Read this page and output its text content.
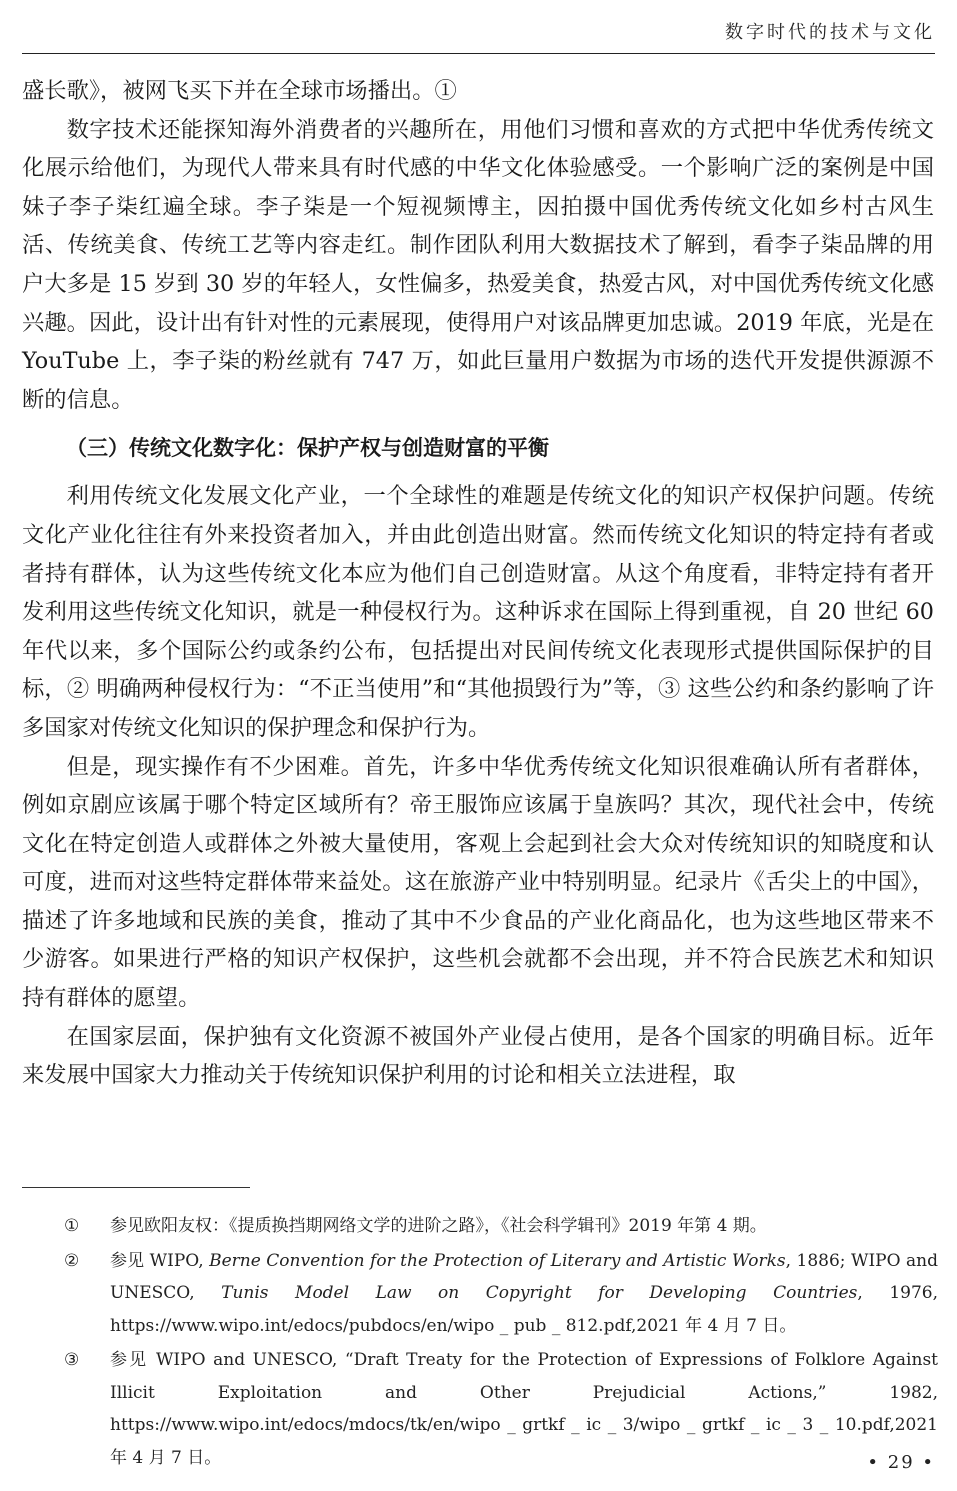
数字时代的技术与文化

盛长歌》，被网飞买下并在全球市场播出。①

数字技术还能探知海外消费者的兴趣所在，用他们习惯和喜欢的方式把中华优秀传统文化展示给他们，为现代人带来具有时代感的中华文化体验感受。一个影响广泛的案例是中国妹子李子柒红遍全球。李子柒是一个短视频博主，因拍摄中国优秀传统文化如乡村古风生活、传统美食、传统工艺等内容走红。制作团队利用大数据技术了解到，看李子柒品牌的用户大多是 15 岁到 30 岁的年轻人，女性偏多，热爱美食，热爱古风，对中国优秀传统文化感兴趣。因此，设计出有针对性的元素展现，使得用户对该品牌更加忠诚。2019 年底，光是在 YouTube 上，李子柒的粉丝就有 747 万，如此巨量用户数据为市场的迭代开发提供源源不断的信息。

（三）传统文化数字化：保护产权与创造财富的平衡

利用传统文化发展文化产业，一个全球性的难题是传统文化的知识产权保护问题。传统文化产业化往往有外来投资者加入，并由此创造出财富。然而传统文化知识的特定持有者或者持有群体，认为这些传统文化本应为他们自己创造财富。从这个角度看，非特定持有者开发利用这些传统文化知识，就是一种侵权行为。这种诉求在国际上得到重视，自 20 世纪 60 年代以来，多个国际公约或条约公布，包括提出对民间传统文化表现形式提供国际保护的目标，② 明确两种侵权行为：“不正当使用”和“其他损毁行为”等，③ 这些公约和条约影响了许多国家对传统文化知识的保护理念和保护行为。

但是，现实操作有不少困难。首先，许多中华优秀传统文化知识很难确认所有者群体，例如京剧应该属于哪个特定区域所有？帝王服饰应该属于皇族吗？其次，现代社会中，传统文化在特定创造人或群体之外被大量使用，客观上会起到社会大众对传统知识的知晓度和认可度，进而对这些特定群体带来益处。这在旅游产业中特别明显。纪录片《舌尖上的中国》，描述了许多地域和民族的美食，推动了其中不少食品的产业化商品化，也为这些地区带来不少游客。如果进行严格的知识产权保护，这些机会就都不会出现，并不符合民族艺术和知识持有群体的愿望。

在国家层面，保护独有文化资源不被国外产业侵占使用，是各个国家的明确目标。近年来发展中国家大力推动关于传统知识保护利用的讨论和相关立法进程，取

① 参见欧阳友权：《提质换挡期网络文学的进阶之路》，《社会科学辑刊》2019 年第 4 期。
② 参见 WIPO, Berne Convention for the Protection of Literary and Artistic Works, 1886; WIPO and UNESCO, Tunis Model Law on Copyright for Developing Countries, 1976, https://www.wipo.int/edocs/pubdocs/en/wipo _ pub _ 812.pdf,2021 年 4 月 7 日。
③ 参见 WIPO and UNESCO, “Draft Treaty for the Protection of Expressions of Folklore Against Illicit Exploitation and Other Prejudicial Actions,” 1982, https://www.wipo.int/edocs/mdocs/tk/en/wipo _ grtkf _ ic _ 3/wipo _ grtkf _ ic _ 3 _ 10.pdf,2021 年 4 月 7 日。	• 29 •
